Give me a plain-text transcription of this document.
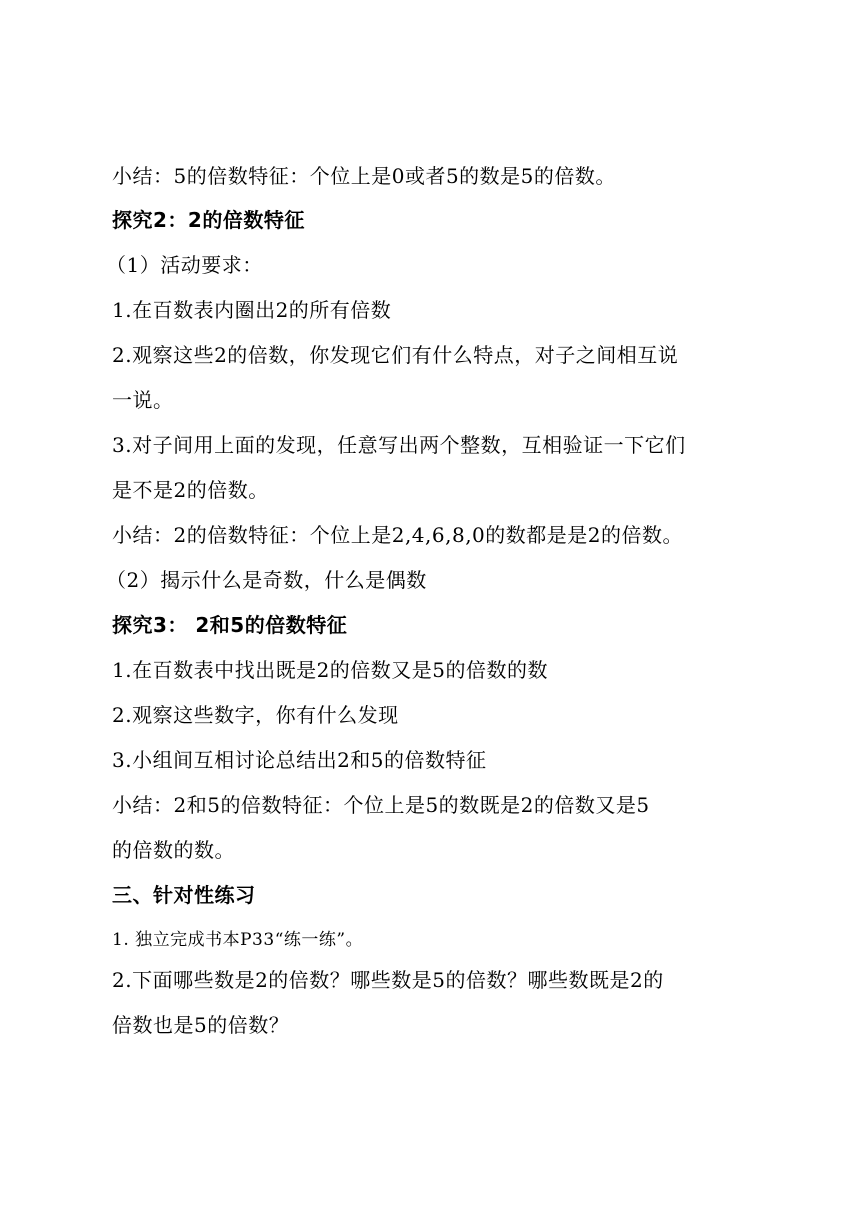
小结：5的倍数特征：个位上是0或者5的数是5的倍数。
探究2：2的倍数特征
（1）活动要求：
1.在百数表内圈出2的所有倍数
2.观察这些2的倍数，你发现它们有什么特点，对子之间相互说
一说。
3.对子间用上面的发现，任意写出两个整数，互相验证一下它们
是不是2的倍数。
小结：2的倍数特征：个位上是2,4,6,8,0的数都是是2的倍数。
（2）揭示什么是奇数，什么是偶数
探究3： 2和5的倍数特征
1.在百数表中找出既是2的倍数又是5的倍数的数
2.观察这些数字，你有什么发现
3.小组间互相讨论总结出2和5的倍数特征
小结：2和5的倍数特征：个位上是5的数既是2的倍数又是5
的倍数的数。
三、针对性练习
1. 独立完成书本P33“练一练”。
2.下面哪些数是2的倍数？哪些数是5的倍数？哪些数既是2的
倍数也是5的倍数？
